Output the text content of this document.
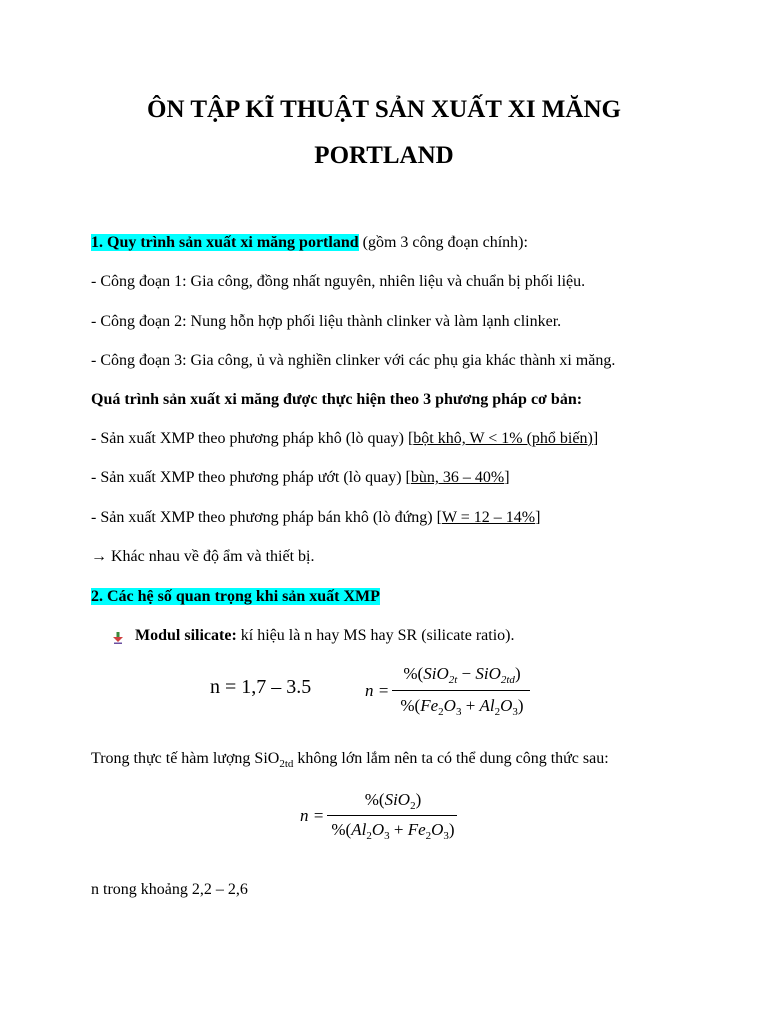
ÔN TẬP KĨ THUẬT SẢN XUẤT XI MĂNG
PORTLAND
1. Quy trình sản xuất xi măng portland (gồm 3 công đoạn chính):
- Công đoạn 1: Gia công, đồng nhất nguyên, nhiên liệu và chuẩn bị phối liệu.
- Công đoạn 2: Nung hỗn hợp phối liệu thành clinker và làm lạnh clinker.
- Công đoạn 3: Gia công, ủ và nghiền clinker với các phụ gia khác thành xi măng.
Quá trình sản xuất xi măng được thực hiện theo 3 phương pháp cơ bản:
- Sản xuất XMP theo phương pháp khô (lò quay) [bột khô, W < 1% (phổ biến)]
- Sản xuất XMP theo phương pháp ướt (lò quay) [bùn, 36 – 40%]
- Sản xuất XMP theo phương pháp bán khô (lò đứng) [W = 12 – 14%]
→ Khác nhau về độ ẩm và thiết bị.
2. Các hệ số quan trọng khi sản xuất XMP
Modul silicate: kí hiệu là n hay MS hay SR (silicate ratio).
n = 1,7 – 3.5	n =
%(SiO$_{2t}$ − SiO$_{2td}$)
$\%(Fe_2O_3 + Al_2O_3)$
Trong thực tế hàm lượng SiO$_{2td}$ không lớn lắm nên ta có thể dung công thức sau:
n =
%(SiO$_2$)
$\%(Al_2O_3 + Fe_2O_3)$
n trong khoảng 2,2 – 2,6
